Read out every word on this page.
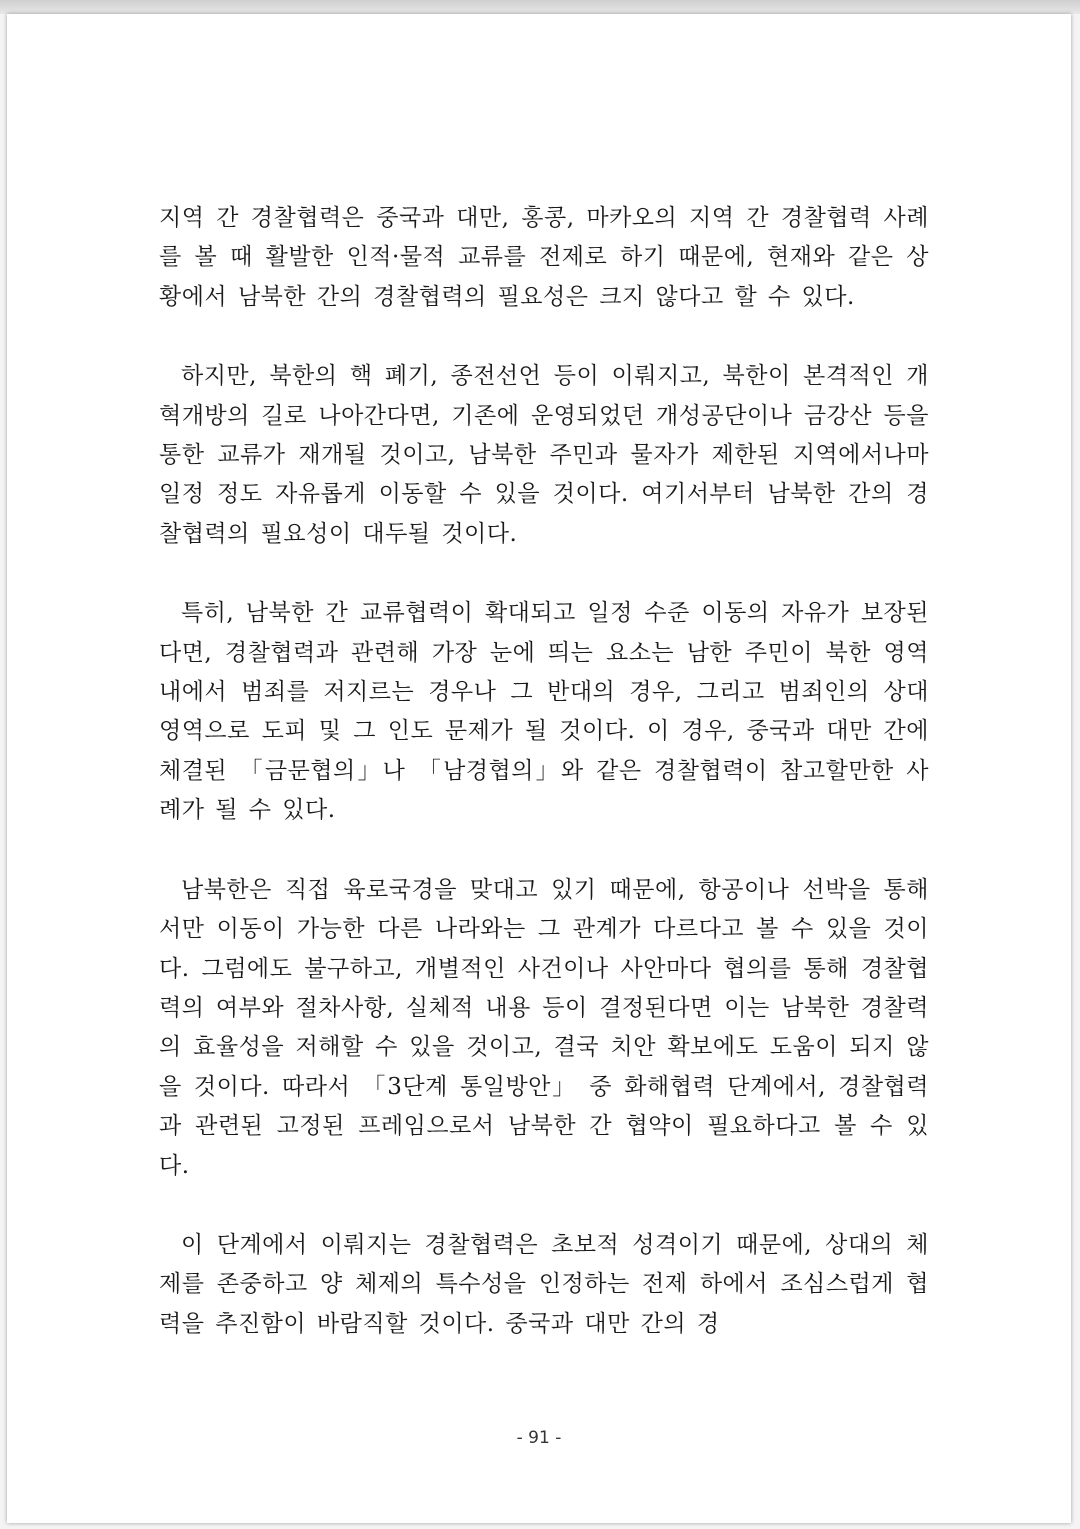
지역 간 경찰협력은 중국과 대만, 홍콩, 마카오의 지역 간 경찰협력 사례를 볼 때 활발한 인적·물적 교류를 전제로 하기 때문에, 현재와 같은 상황에서 남북한 간의 경찰협력의 필요성은 크지 않다고 할 수 있다.

하지만, 북한의 핵 폐기, 종전선언 등이 이뤄지고, 북한이 본격적인 개혁개방의 길로 나아간다면, 기존에 운영되었던 개성공단이나 금강산 등을 통한 교류가 재개될 것이고, 남북한 주민과 물자가 제한된 지역에서나마 일정 정도 자유롭게 이동할 수 있을 것이다. 여기서부터 남북한 간의 경찰협력의 필요성이 대두될 것이다.

특히, 남북한 간 교류협력이 확대되고 일정 수준 이동의 자유가 보장된다면, 경찰협력과 관련해 가장 눈에 띄는 요소는 남한 주민이 북한 영역 내에서 범죄를 저지르는 경우나 그 반대의 경우, 그리고 범죄인의 상대 영역으로 도피 및 그 인도 문제가 될 것이다. 이 경우, 중국과 대만 간에 체결된 「금문협의」나 「남경협의」와 같은 경찰협력이 참고할만한 사례가 될 수 있다.

남북한은 직접 육로국경을 맞대고 있기 때문에, 항공이나 선박을 통해서만 이동이 가능한 다른 나라와는 그 관계가 다르다고 볼 수 있을 것이다. 그럼에도 불구하고, 개별적인 사건이나 사안마다 협의를 통해 경찰협력의 여부와 절차사항, 실체적 내용 등이 결정된다면 이는 남북한 경찰력의 효율성을 저해할 수 있을 것이고, 결국 치안 확보에도 도움이 되지 않을 것이다. 따라서 「3단계 통일방안」 중 화해협력 단계에서, 경찰협력과 관련된 고정된 프레임으로서 남북한 간 협약이 필요하다고 볼 수 있다.

이 단계에서 이뤄지는 경찰협력은 초보적 성격이기 때문에, 상대의 체제를 존중하고 양 체제의 특수성을 인정하는 전제 하에서 조심스럽게 협력을 추진함이 바람직할 것이다. 중국과 대만 간의 경

- 91 -
